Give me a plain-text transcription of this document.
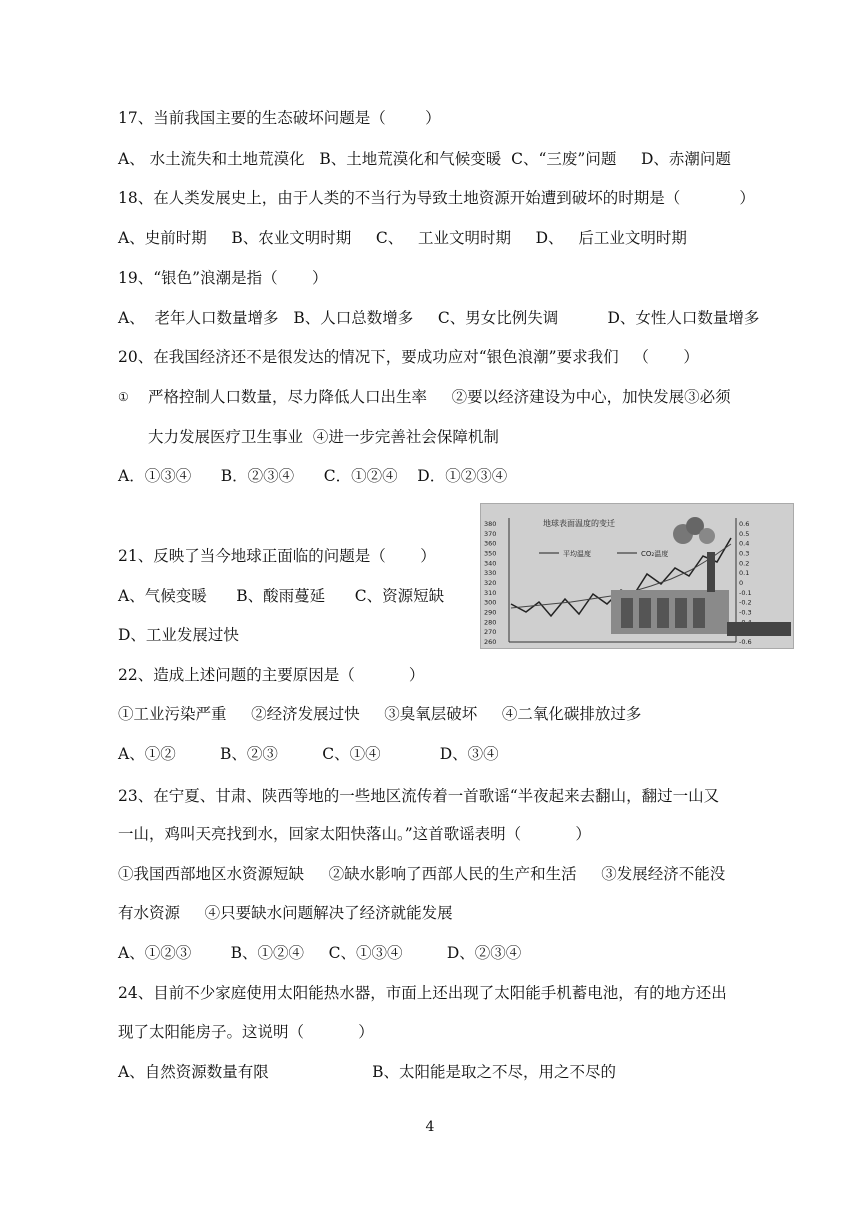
17、当前我国主要的生态破坏问题是（        ）
A、 水土流失和土地荒漠化   B、土地荒漠化和气候变暖  C、“三废”问题     D、赤潮问题
18、在人类发展史上，由于人类的不当行为导致土地资源开始遭到破坏的时期是（            ）
A、史前时期     B、农业文明时期     C、   工业文明时期     D、   后工业文明时期
19、“银色”浪潮是指（       ）
A、  老年人口数量增多   B、人口总数增多     C、男女比例失调          D、女性人口数量增多
20、在我国经济还不是很发达的情况下，要成功应对“银色浪潮”要求我们   （       ）
①	严格控制人口数量，尽力降低人口出生率     ②要以经济建设为中心，加快发展③必须
大力发展医疗卫生事业  ④进一步完善社会保障机制
A．①③④      B．②③④      C．①②④    D．①②③④
21、反映了当今地球正面临的问题是（       ）
A、气候变暖      B、酸雨蔓延      C、资源短缺
D、工业发展过快
380
370
360
350
340
330
320
310
300
290
280
270
260
0.6
0.5
0.4
0.3
0.2
0.1
0
-0.1
-0.2
-0.3
-0.6
地球表面温度的变迁
平均温度	CO₂温度
22、造成上述问题的主要原因是（           ）
①工业污染严重     ②经济发展过快     ③臭氧层破坏     ④二氧化碳排放过多
A、①②         B、②③         C、①④            D、③④
23、在宁夏、甘肃、陕西等地的一些地区流传着一首歌谣“半夜起来去翻山，翻过一山又
一山，鸡叫天亮找到水，回家太阳快落山。”这首歌谣表明（           ）
①我国西部地区水资源短缺     ②缺水影响了西部人民的生产和生活     ③发展经济不能没
有水资源     ④只要缺水问题解决了经济就能发展
A、①②③        B、①②④     C、①③④         D、②③④
24、目前不少家庭使用太阳能热水器，市面上还出现了太阳能手机蓄电池，有的地方还出
现了太阳能房子。这说明（           ）
A、自然资源数量有限                     B、太阳能是取之不尽，用之不尽的
4
